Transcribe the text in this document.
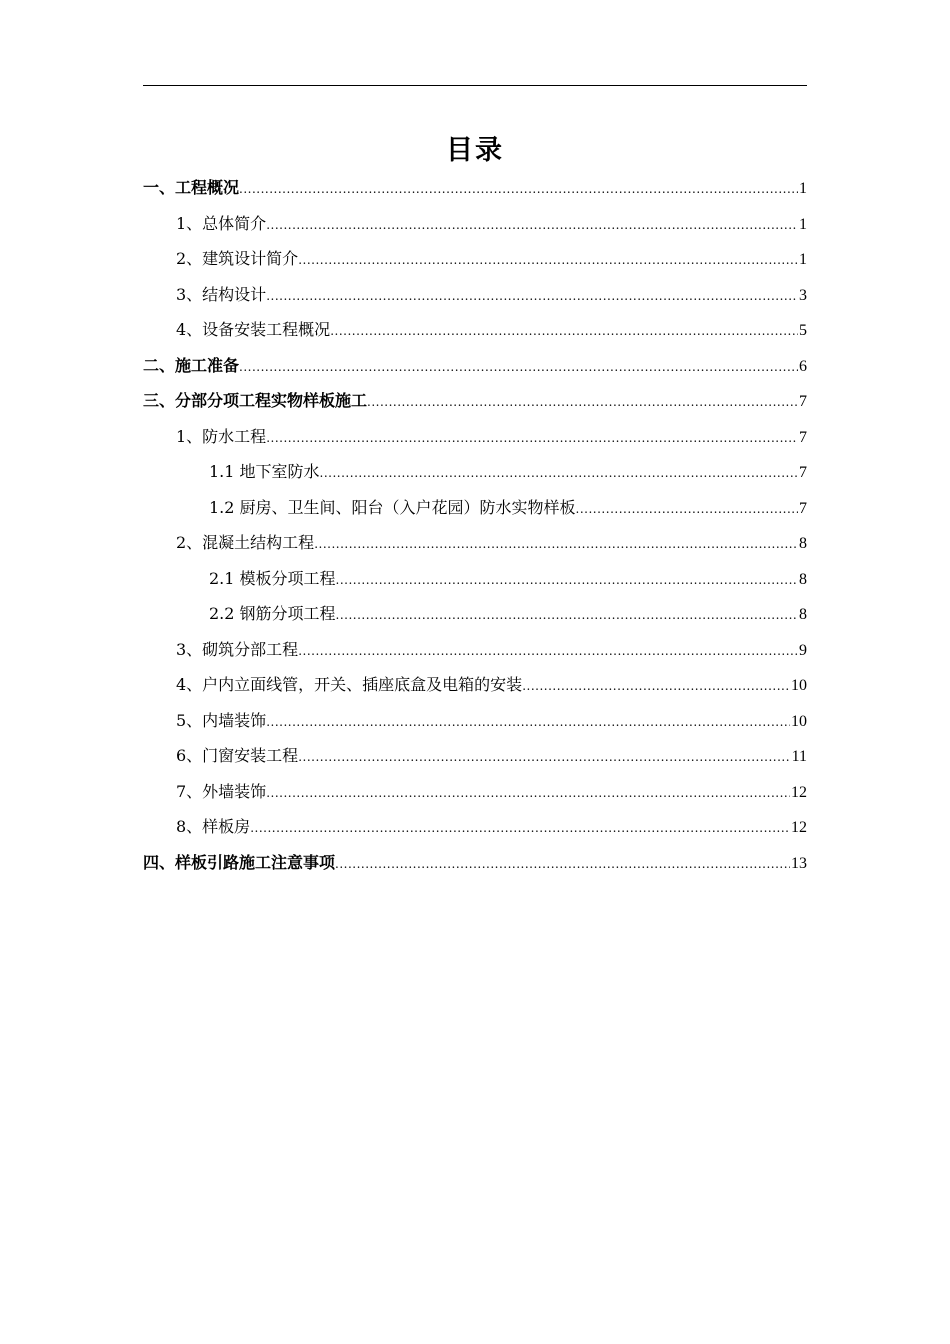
目录
一、工程概况 .....	1
1、总体简介 .....	1
2、建筑设计简介 .....	1
3、结构设计 .....	3
4、设备安装工程概况 .....	5
二、施工准备 .....	6
三、分部分项工程实物样板施工 .....	7
1、防水工程 .....	7
1.1 地下室防水 .....	7
1.2 厨房、卫生间、阳台（入户花园）防水实物样板 .....	7
2、混凝土结构工程 .....	8
2.1 模板分项工程 .....	8
2.2 钢筋分项工程 .....	8
3、砌筑分部工程 .....	9
4、户内立面线管，开关、插座底盒及电箱的安装 .....	10
5、内墙装饰 .....	10
6、门窗安装工程 .....	11
7、外墙装饰 .....	12
8、样板房 .....	12
四、样板引路施工注意事项 .....	13
